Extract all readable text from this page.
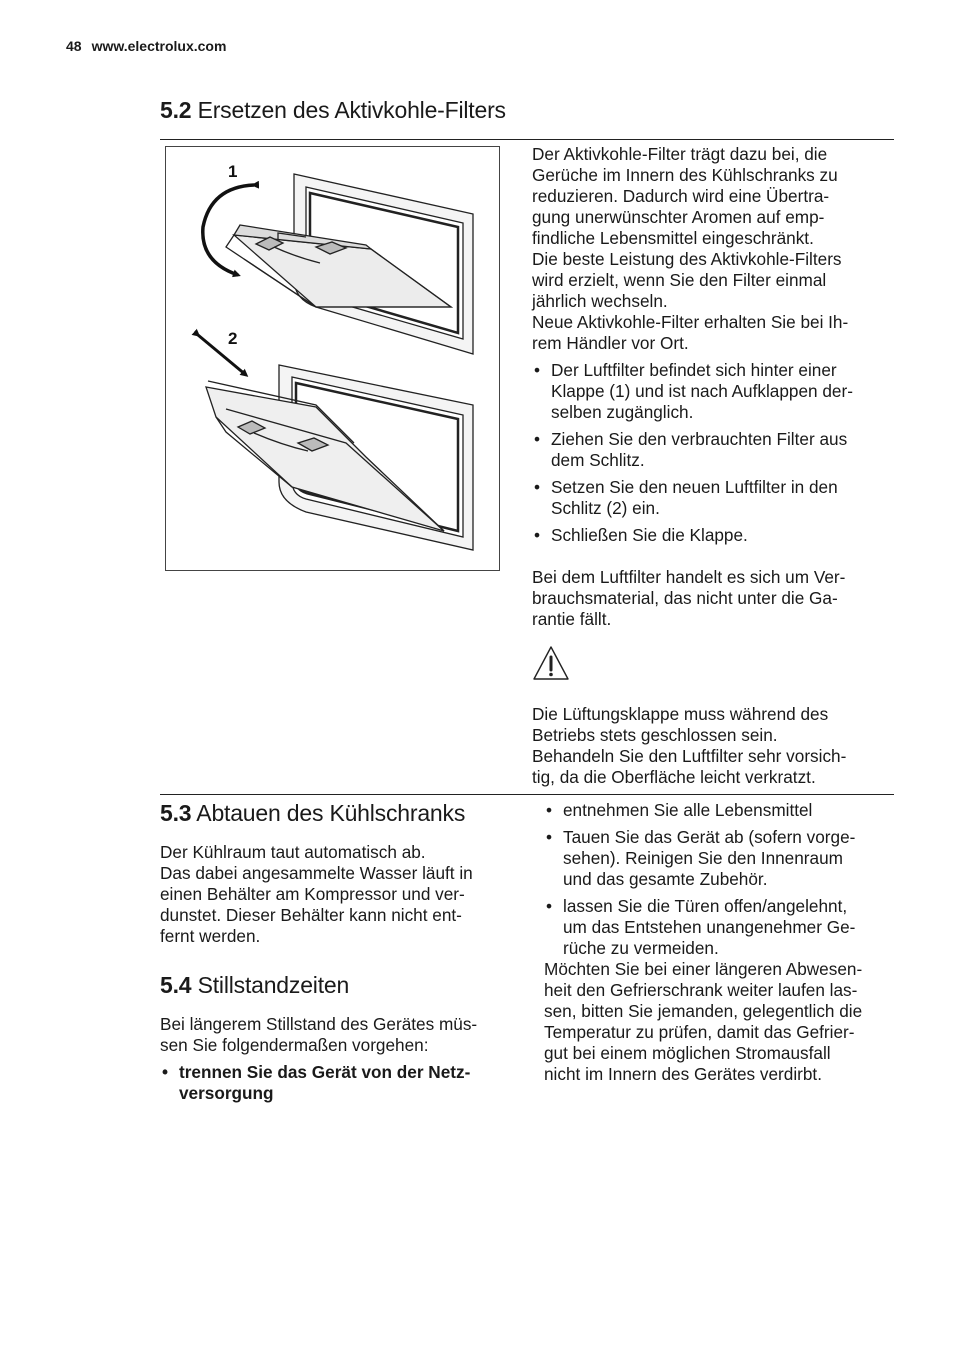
48 www.electrolux.com
5.2 Ersetzen des Aktivkohle-Filters
1
2

Der Aktivkohle-Filter trägt dazu bei, die
Gerüche im Innern des Kühlschranks zu
reduzieren. Dadurch wird eine Übertra-
gung unerwünschter Aromen auf emp-
findliche Lebensmittel eingeschränkt.
Die beste Leistung des Aktivkohle-Filters
wird erzielt, wenn Sie den Filter einmal
jährlich wechseln.
Neue Aktivkohle-Filter erhalten Sie bei Ih-
rem Händler vor Ort.

• Der Luftfilter befindet sich hinter einer
Klappe (1) und ist nach Aufklappen der-
selben zugänglich.
• Ziehen Sie den verbrauchten Filter aus
dem Schlitz.
• Setzen Sie den neuen Luftfilter in den
Schlitz (2) ein.
• Schließen Sie die Klappe.

Bei dem Luftfilter handelt es sich um Ver-
brauchsmaterial, das nicht unter die Ga-
rantie fällt.

Die Lüftungsklappe muss während des
Betriebs stets geschlossen sein.
Behandeln Sie den Luftfilter sehr vorsich-
tig, da die Oberfläche leicht verkratzt.

5.3 Abtauen des Kühlschranks

Der Kühlraum taut automatisch ab.
Das dabei angesammelte Wasser läuft in
einen Behälter am Kompressor und ver-
dunstet. Dieser Behälter kann nicht ent-
fernt werden.

5.4 Stillstandzeiten

Bei längerem Stillstand des Gerätes müs-
sen Sie folgendermaßen vorgehen:

• trennen Sie das Gerät von der Netz-
versorgung
• entnehmen Sie alle Lebensmittel
• Tauen Sie das Gerät ab (sofern vorge-
sehen). Reinigen Sie den Innenraum
und das gesamte Zubehör.
• lassen Sie die Türen offen/angelehnt,
um das Entstehen unangenehmer Ge-
rüche zu vermeiden.

Möchten Sie bei einer längeren Abwesen-
heit den Gefrierschrank weiter laufen las-
sen, bitten Sie jemanden, gelegentlich die
Temperatur zu prüfen, damit das Gefrier-
gut bei einem möglichen Stromausfall
nicht im Innern des Gerätes verdirbt.
